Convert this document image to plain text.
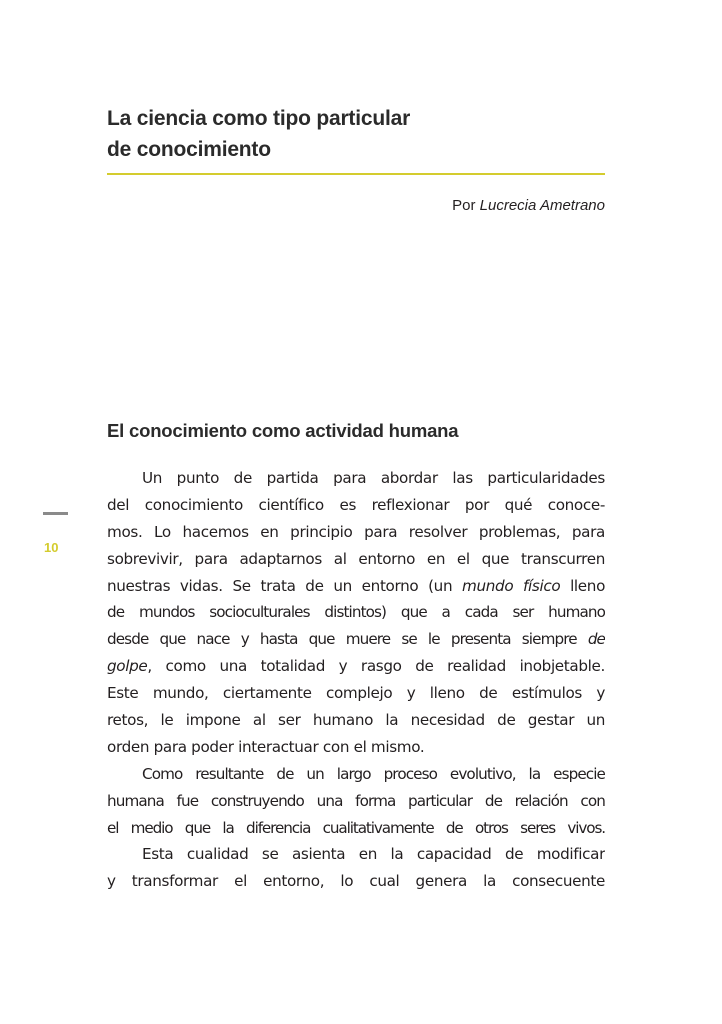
La ciencia como tipo particular
de conocimiento
Por Lucrecia Ametrano
El conocimiento como actividad humana
10
Un punto de partida para abordar las particularidades
del conocimiento científico es reflexionar por qué conoce-
mos. Lo hacemos en principio para resolver problemas, para
sobrevivir, para adaptarnos al entorno en el que transcurren
nuestras vidas. Se trata de un entorno (un mundo físico lleno
de mundos socioculturales distintos) que a cada ser humano
desde que nace y hasta que muere se le presenta siempre de
golpe, como una totalidad y rasgo de realidad inobjetable.
Este mundo, ciertamente complejo y lleno de estímulos y
retos, le impone al ser humano la necesidad de gestar un
orden para poder interactuar con el mismo.
Como resultante de un largo proceso evolutivo, la especie
humana fue construyendo una forma particular de relación con
el medio que la diferencia cualitativamente de otros seres vivos.
Esta cualidad se asienta en la capacidad de modificar
y transformar el entorno, lo cual genera la consecuente
